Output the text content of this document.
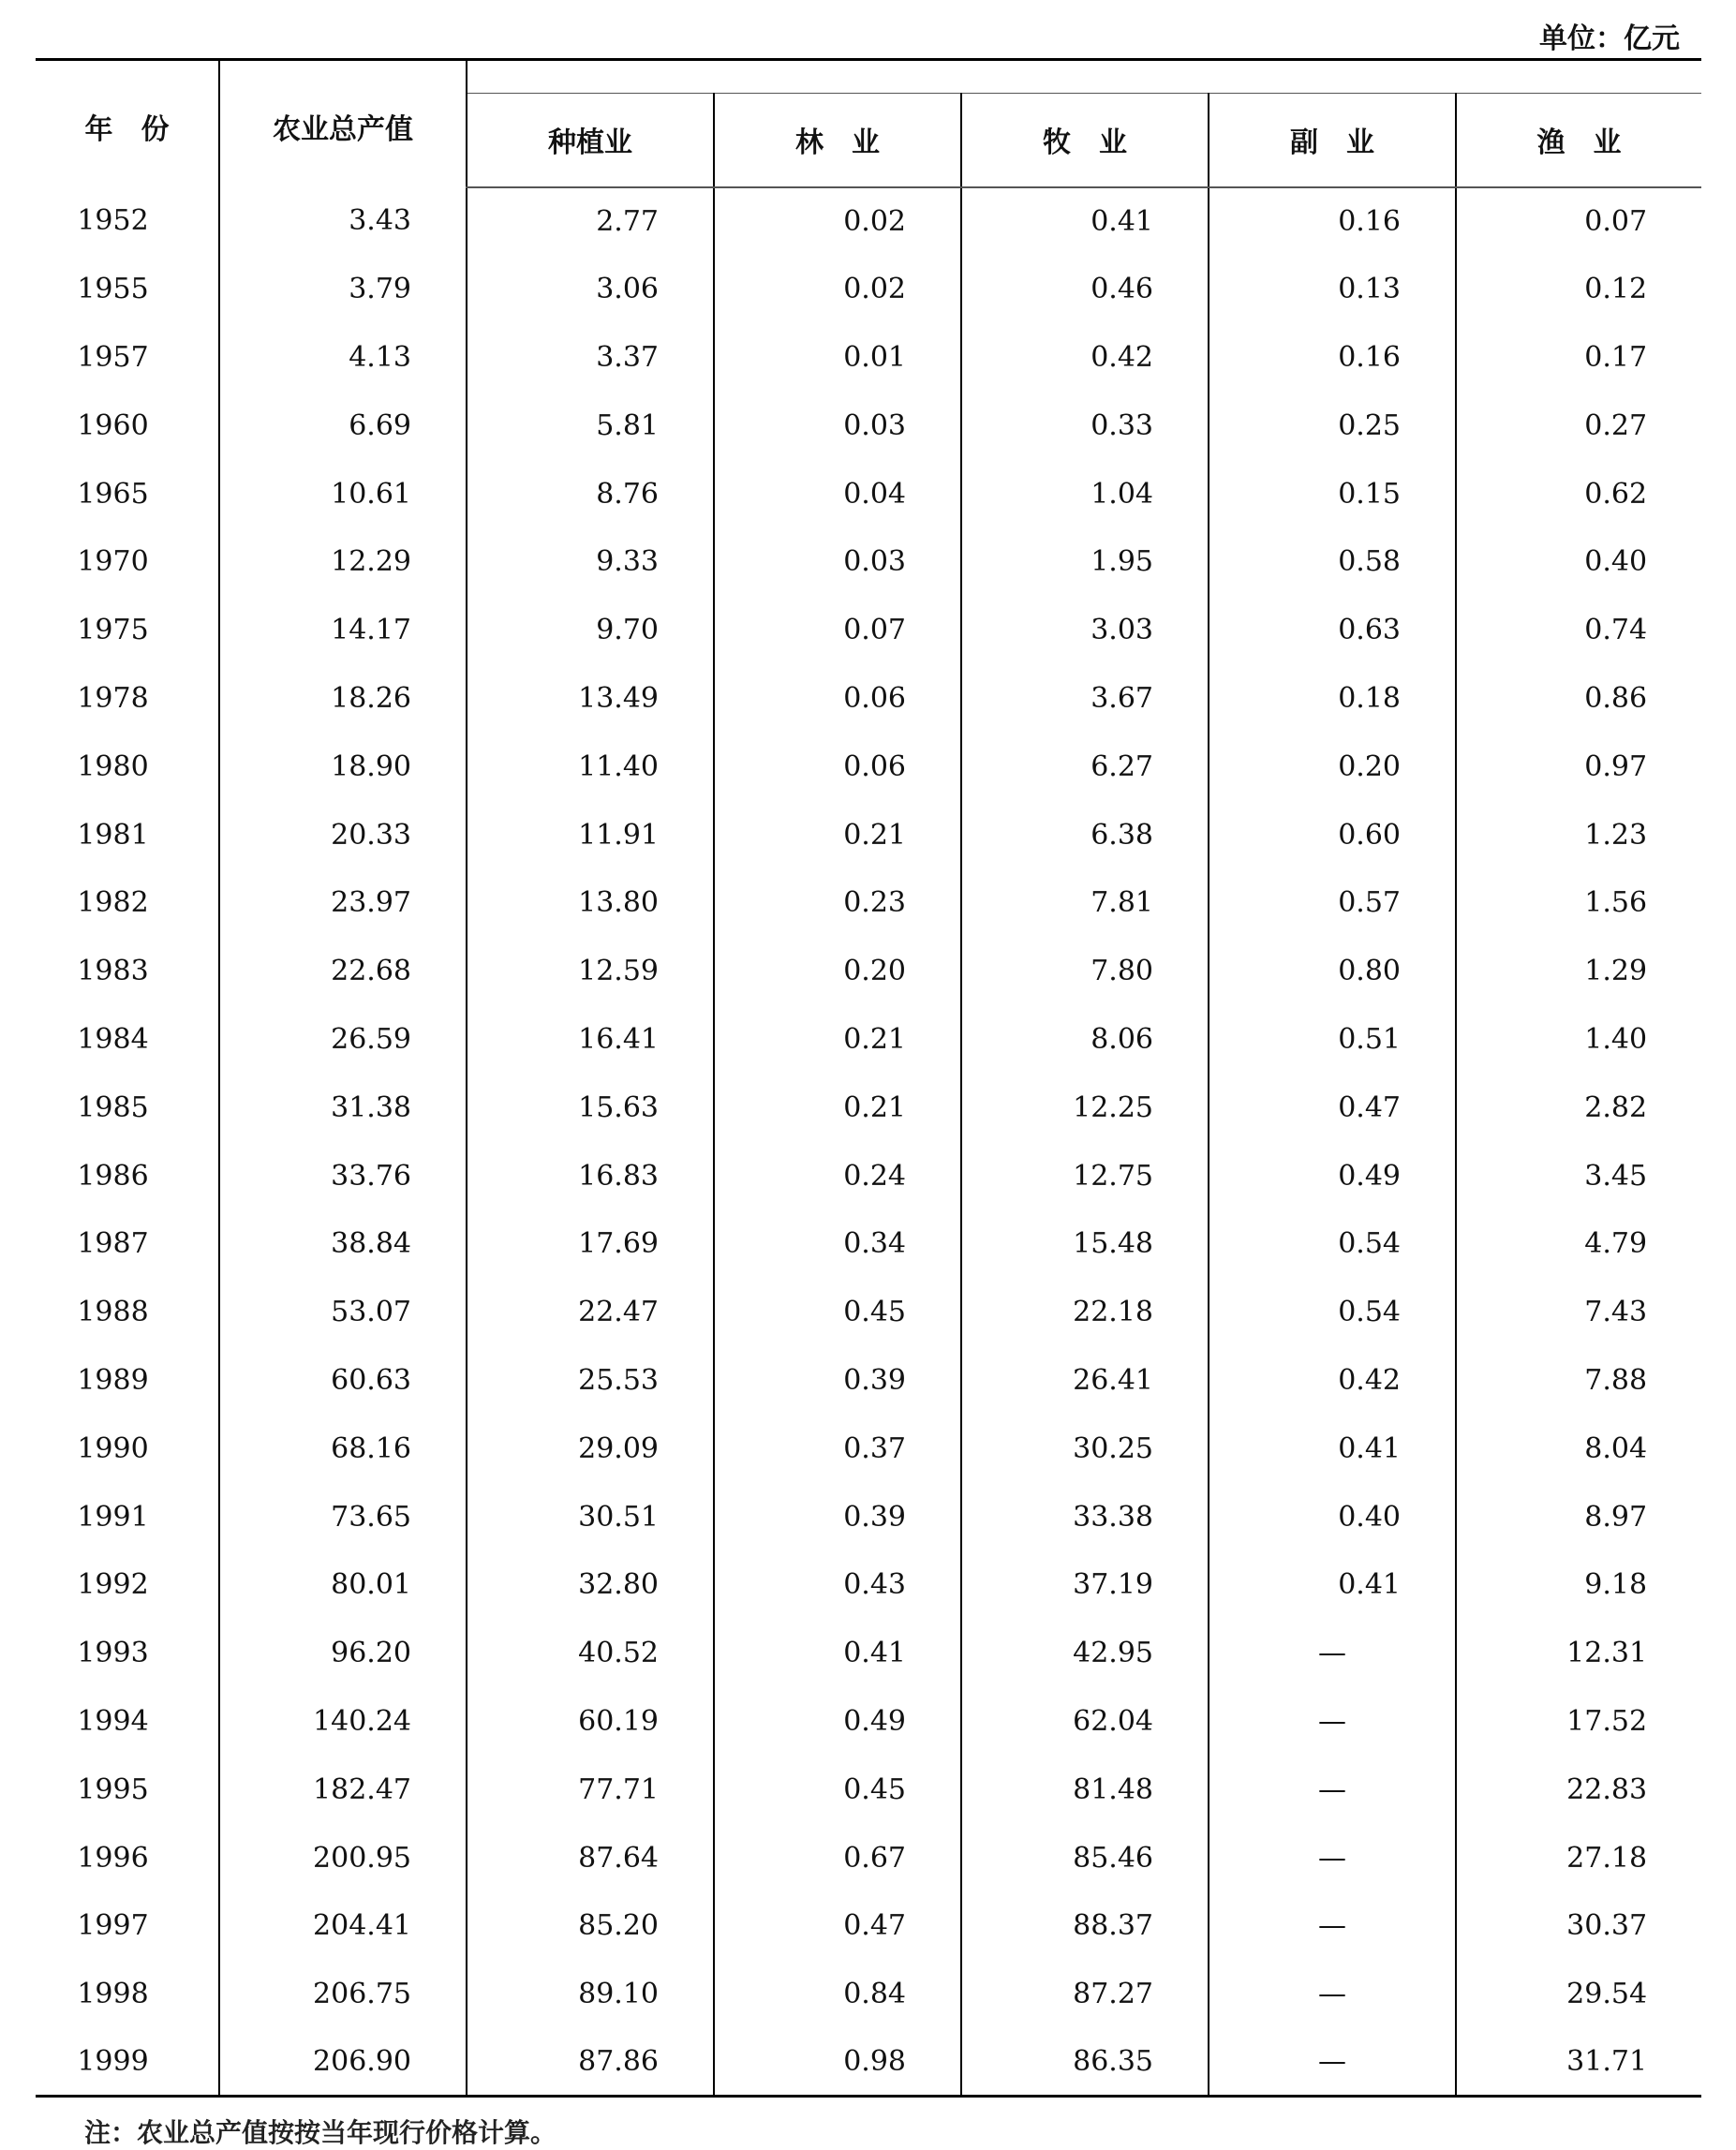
单位：亿元
年　份	农业总产值					
		种植业	林　业	牧　业	副　业	渔　业
1952	3.43	2.77	0.02	0.41	0.16	0.07
1955	3.79	3.06	0.02	0.46	0.13	0.12
1957	4.13	3.37	0.01	0.42	0.16	0.17
1960	6.69	5.81	0.03	0.33	0.25	0.27
1965	10.61	8.76	0.04	1.04	0.15	0.62
1970	12.29	9.33	0.03	1.95	0.58	0.40
1975	14.17	9.70	0.07	3.03	0.63	0.74
1978	18.26	13.49	0.06	3.67	0.18	0.86
1980	18.90	11.40	0.06	6.27	0.20	0.97
1981	20.33	11.91	0.21	6.38	0.60	1.23
1982	23.97	13.80	0.23	7.81	0.57	1.56
1983	22.68	12.59	0.20	7.80	0.80	1.29
1984	26.59	16.41	0.21	8.06	0.51	1.40
1985	31.38	15.63	0.21	12.25	0.47	2.82
1986	33.76	16.83	0.24	12.75	0.49	3.45
1987	38.84	17.69	0.34	15.48	0.54	4.79
1988	53.07	22.47	0.45	22.18	0.54	7.43
1989	60.63	25.53	0.39	26.41	0.42	7.88
1990	68.16	29.09	0.37	30.25	0.41	8.04
1991	73.65	30.51	0.39	33.38	0.40	8.97
1992	80.01	32.80	0.43	37.19	0.41	9.18
1993	96.20	40.52	0.41	42.95	—	12.31
1994	140.24	60.19	0.49	62.04	—	17.52
1995	182.47	77.71	0.45	81.48	—	22.83
1996	200.95	87.64	0.67	85.46	—	27.18
1997	204.41	85.20	0.47	88.37	—	30.37
1998	206.75	89.10	0.84	87.27	—	29.54
1999	206.90	87.86	0.98	86.35	—	31.71
注：农业总产值按按当年现行价格计算。
